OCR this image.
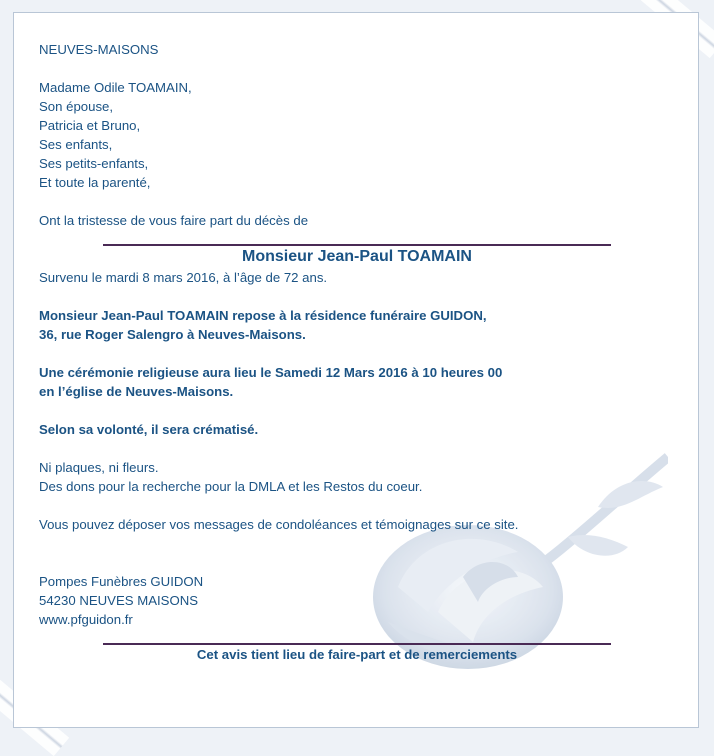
NEUVES-MAISONS

Madame Odile TOAMAIN,

Son épouse,

Patricia et Bruno,

Ses enfants,

Ses petits-enfants,

Et toute la parenté,

Ont la tristesse de vous faire part du décès de

Monsieur Jean-Paul TOAMAIN

Survenu le mardi 8 mars 2016, à l’âge de 72 ans.

Monsieur Jean-Paul TOAMAIN repose à la résidence funéraire GUIDON,

36, rue Roger Salengro à Neuves-Maisons.

Une cérémonie religieuse aura lieu le Samedi 12 Mars 2016 à 10 heures 00

en l’église de Neuves-Maisons.

Selon sa volonté, il sera crématisé.

Ni plaques, ni fleurs.

Des dons pour la recherche pour la DMLA et les Restos du coeur.

Vous pouvez déposer vos messages de condoléances et témoignages sur ce site.

Pompes Funèbres GUIDON

54230 NEUVES MAISONS

www.pfguidon.fr

Cet avis tient lieu de faire-part et de remerciements
